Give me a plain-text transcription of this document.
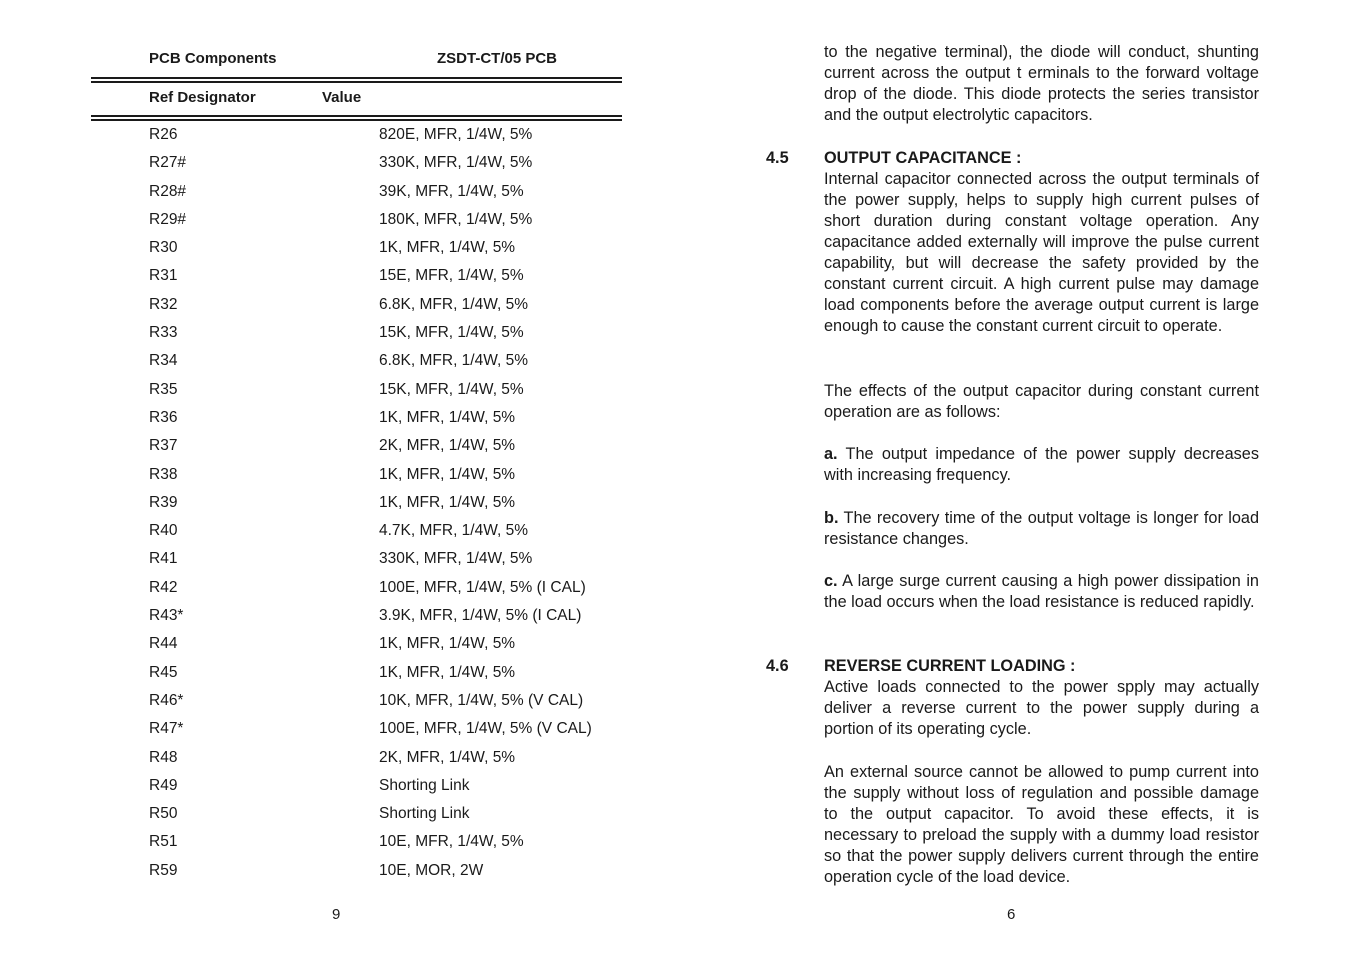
PCB Components	ZSDT-CT/05 PCB
Ref Designator	Value
R26	820E, MFR, 1/4W, 5%
R27#	330K, MFR, 1/4W, 5%
R28#	39K, MFR, 1/4W, 5%
R29#	180K, MFR, 1/4W, 5%
R30	1K, MFR, 1/4W, 5%
R31	15E, MFR, 1/4W, 5%
R32	6.8K, MFR, 1/4W, 5%
R33	15K, MFR, 1/4W, 5%
R34	6.8K, MFR, 1/4W, 5%
R35	15K, MFR, 1/4W, 5%
R36	1K, MFR, 1/4W, 5%
R37	2K, MFR, 1/4W, 5%
R38	1K, MFR, 1/4W, 5%
R39	1K, MFR, 1/4W, 5%
R40	4.7K, MFR, 1/4W, 5%
R41	330K, MFR, 1/4W, 5%
R42	100E, MFR, 1/4W, 5% (I CAL)
R43*	3.9K, MFR, 1/4W, 5% (I CAL)
R44	1K, MFR, 1/4W, 5%
R45	1K, MFR, 1/4W, 5%
R46*	10K, MFR, 1/4W, 5% (V CAL)
R47*	100E, MFR, 1/4W, 5% (V CAL)
R48	2K, MFR, 1/4W, 5%
R49	Shorting Link
R50	Shorting Link
R51	10E, MFR, 1/4W, 5%
R59	10E, MOR, 2W
9

to the negative terminal), the diode will conduct, shunting current across the output t erminals to the forward voltage drop of the diode. This diode protects the series transistor and the output electrolytic capacitors.

4.5 OUTPUT CAPACITANCE :

Internal capacitor connected across the output terminals of the power supply, helps to supply high current pulses of short duration during constant voltage operation. Any capacitance added externally will improve the pulse current capability, but will decrease the safety provided by the constant current circuit. A high current pulse may damage load components before the average output current is large enough to cause the constant current circuit to operate.

The effects of the output capacitor during constant current operation are as follows:

a. The output impedance of the power supply decreases with increasing frequency.

b. The recovery time of the output voltage is longer for load resistance changes.

c. A large surge current causing a high power dissipation in the load occurs when the load resistance is reduced rapidly.

4.6 REVERSE CURRENT LOADING :

Active loads connected to the power spply may actually deliver a reverse current to the power supply during a portion of its operating cycle.

An external source cannot be allowed to pump current into the supply without loss of regulation and possible damage to the output capacitor. To avoid these effects, it is necessary to preload the supply with a dummy load resistor so that the power supply delivers current through the entire operation cycle of the load device.

6
